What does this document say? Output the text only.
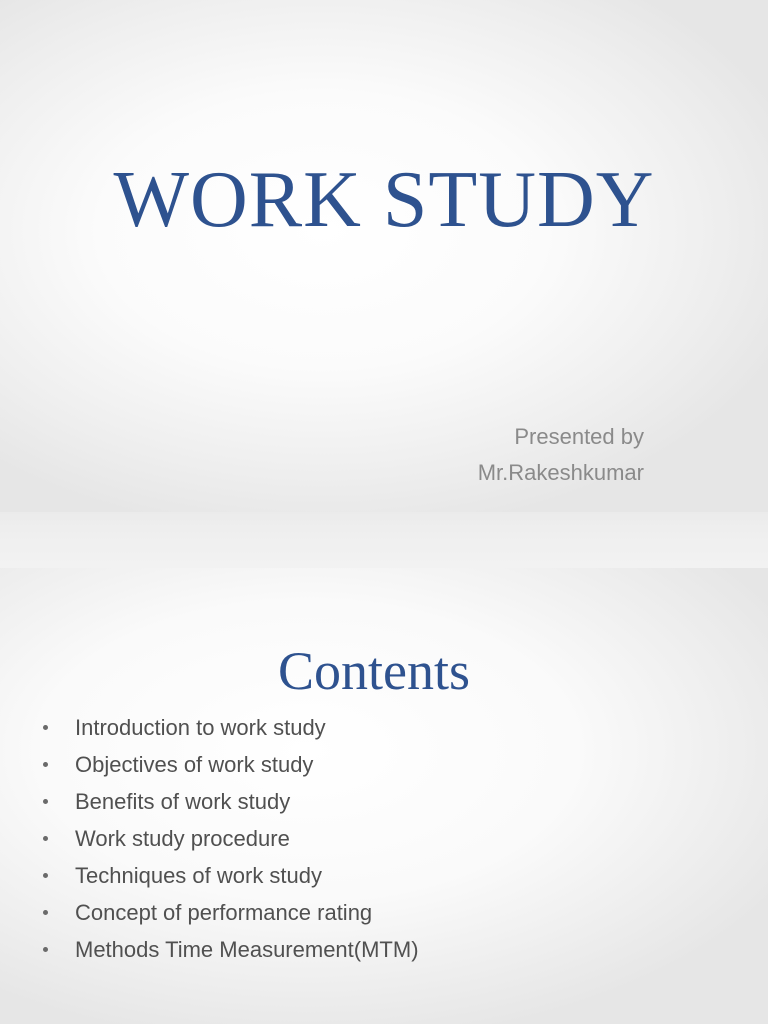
WORK STUDY
Presented by
Mr.Rakeshkumar
Contents
Introduction to work study
Objectives of work study
Benefits of work study
Work study procedure
Techniques of work study
Concept of performance rating
Methods Time Measurement(MTM)
